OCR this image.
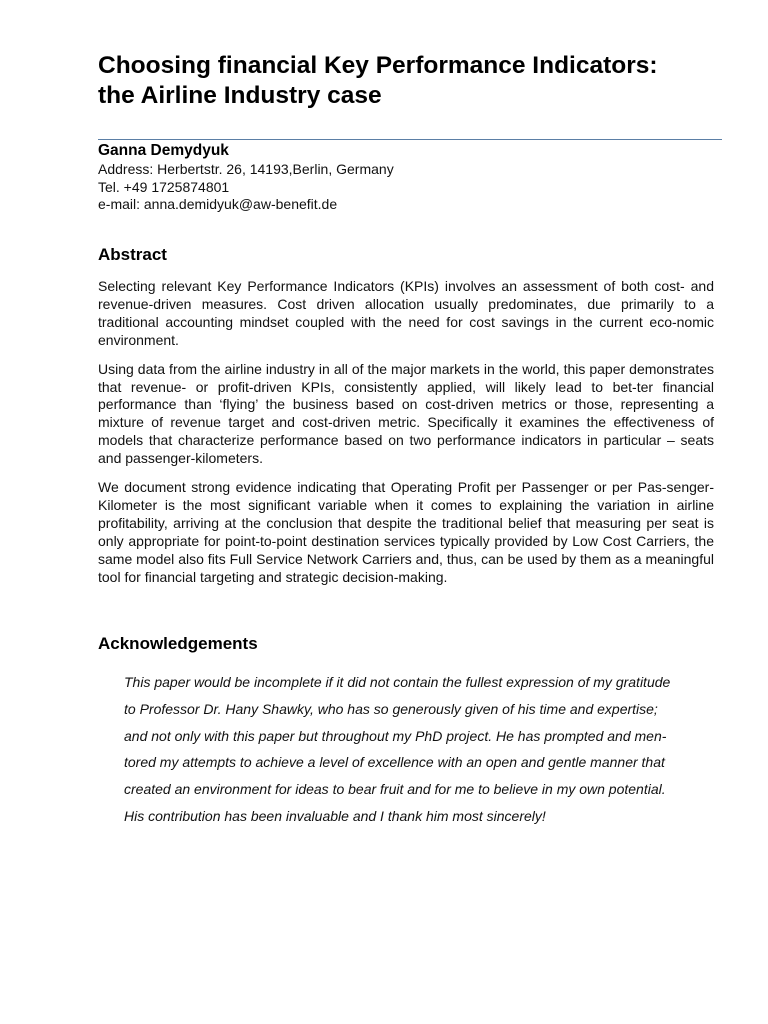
Choosing financial Key Performance Indicators:
the Airline Industry case
Ganna Demydyuk
Address: Herbertstr. 26, 14193,Berlin, Germany
Tel. +49 1725874801
e-mail: anna.demidyuk@aw-benefit.de
Abstract

Selecting relevant Key Performance Indicators (KPIs) involves an assessment of both cost- and revenue-driven measures. Cost driven allocation usually predominates, due primarily to a traditional accounting mindset coupled with the need for cost savings in the current eco-nomic environment.

Using data from the airline industry in all of the major markets in the world, this paper demonstrates that revenue- or profit-driven KPIs, consistently applied, will likely lead to bet-ter financial performance than ‘flying’ the business based on cost-driven metrics or those, representing a mixture of revenue target and cost-driven metric. Specifically it examines the effectiveness of models that characterize performance based on two performance indicators in particular – seats and passenger-kilometers.

We document strong evidence indicating that Operating Profit per Passenger or per Pas-senger-Kilometer is the most significant variable when it comes to explaining the variation in airline profitability, arriving at the conclusion that despite the traditional belief that measuring per seat is only appropriate for point-to-point destination services typically provided by Low Cost Carriers, the same model also fits Full Service Network Carriers and, thus, can be used by them as a meaningful tool for financial targeting and strategic decision-making.

Acknowledgements

This paper would be incomplete if it did not contain the fullest expression of my gratitude
to Professor Dr. Hany Shawky, who has so generously given of his time and expertise;
and not only with this paper but throughout my PhD project. He has prompted and men-
tored my attempts to achieve a level of excellence with an open and gentle manner that
created an environment for ideas to bear fruit and for me to believe in my own potential.
His contribution has been invaluable and I thank him most sincerely!
